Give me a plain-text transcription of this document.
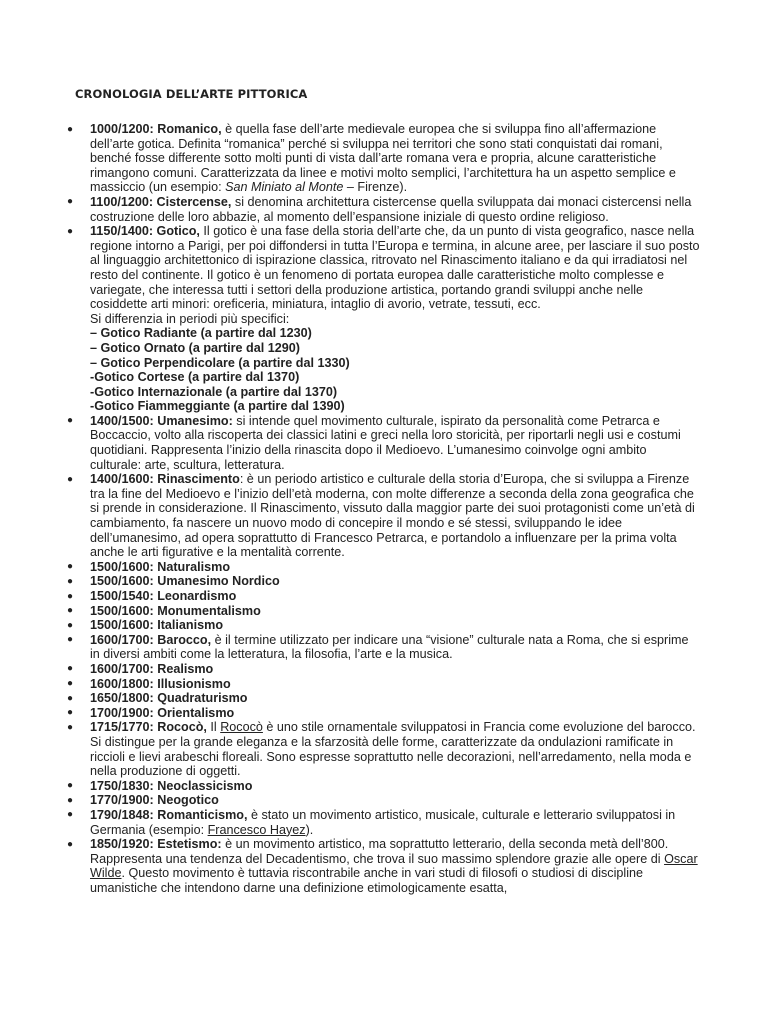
CRONOLOGIA DELL’ARTE PITTORICA
● 1000/1200: Romanico, è quella fase dell’arte medievale europea che si sviluppa fino all’affermazione dell’arte gotica. Definita “romanica” perché si sviluppa nei territori che sono stati conquistati dai romani, benché fosse differente sotto molti punti di vista dall’arte romana vera e propria, alcune caratteristiche rimangono comuni. Caratterizzata da linee e motivi molto semplici, l’architettura ha un aspetto semplice e massiccio (un esempio: San Miniato al Monte – Firenze).
● 1100/1200: Cistercense, si denomina architettura cistercense quella sviluppata dai monaci cistercensi nella costruzione delle loro abbazie, al momento dell’espansione iniziale di questo ordine religioso.
● 1150/1400: Gotico, Il gotico è una fase della storia dell’arte che, da un punto di vista geografico, nasce nella regione intorno a Parigi, per poi diffondersi in tutta l’Europa e termina, in alcune aree, per lasciare il suo posto al linguaggio architettonico di ispirazione classica, ritrovato nel Rinascimento italiano e da qui irradiatosi nel resto del continente. Il gotico è un fenomeno di portata europea dalle caratteristiche molto complesse e variegate, che interessa tutti i settori della produzione artistica, portando grandi sviluppi anche nelle cosiddette arti minori: oreficeria, miniatura, intaglio di avorio, vetrate, tessuti, ecc.
Si differenzia in periodi più specifici:
– Gotico Radiante (a partire dal 1230)
– Gotico Ornato (a partire dal 1290)
– Gotico Perpendicolare (a partire dal 1330)
-Gotico Cortese (a partire dal 1370)
-Gotico Internazionale (a partire dal 1370)
-Gotico Fiammeggiante (a partire dal 1390)
● 1400/1500: Umanesimo: si intende quel movimento culturale, ispirato da personalità come Petrarca e Boccaccio, volto alla riscoperta dei classici latini e greci nella loro storicità, per riportarli negli usi e costumi quotidiani. Rappresenta l’inizio della rinascita dopo il Medioevo. L’umanesimo coinvolge ogni ambito culturale: arte, scultura, letteratura.
● 1400/1600: Rinascimento: è un periodo artistico e culturale della storia d’Europa, che si sviluppa a Firenze tra la fine del Medioevo e l’inizio dell’età moderna, con molte differenze a seconda della zona geografica che si prende in considerazione. Il Rinascimento, vissuto dalla maggior parte dei suoi protagonisti come un’età di cambiamento, fa nascere un nuovo modo di concepire il mondo e sé stessi, sviluppando le idee dell’umanesimo, ad opera soprattutto di Francesco Petrarca, e portandolo a influenzare per la prima volta anche le arti figurative e la mentalità corrente.
● 1500/1600: Naturalismo
● 1500/1600: Umanesimo Nordico
● 1500/1540: Leonardismo
● 1500/1600: Monumentalismo
● 1500/1600: Italianismo
● 1600/1700: Barocco, è il termine utilizzato per indicare una “visione” culturale nata a Roma, che si esprime in diversi ambiti come la letteratura, la filosofia, l’arte e la musica.
● 1600/1700: Realismo
● 1600/1800: Illusionismo
● 1650/1800: Quadraturismo
● 1700/1900: Orientalismo
● 1715/1770: Rococò, Il Rococò è uno stile ornamentale sviluppatosi in Francia come evoluzione del barocco. Si distingue per la grande eleganza e la sfarzosità delle forme, caratterizzate da ondulazioni ramificate in riccioli e lievi arabeschi floreali. Sono espresse soprattutto nelle decorazioni, nell’arredamento, nella moda e nella produzione di oggetti.
● 1750/1830: Neoclassicismo
● 1770/1900: Neogotico
● 1790/1848: Romanticismo, è stato un movimento artistico, musicale, culturale e letterario sviluppatosi in Germania (esempio: Francesco Hayez).
● 1850/1920: Estetismo: è un movimento artistico, ma soprattutto letterario, della seconda metà dell’800. Rappresenta una tendenza del Decadentismo, che trova il suo massimo splendore grazie alle opere di Oscar Wilde. Questo movimento è tuttavia riscontrabile anche in vari studi di filosofi o studiosi di discipline umanistiche che intendono darne una definizione etimologicamente esatta,
